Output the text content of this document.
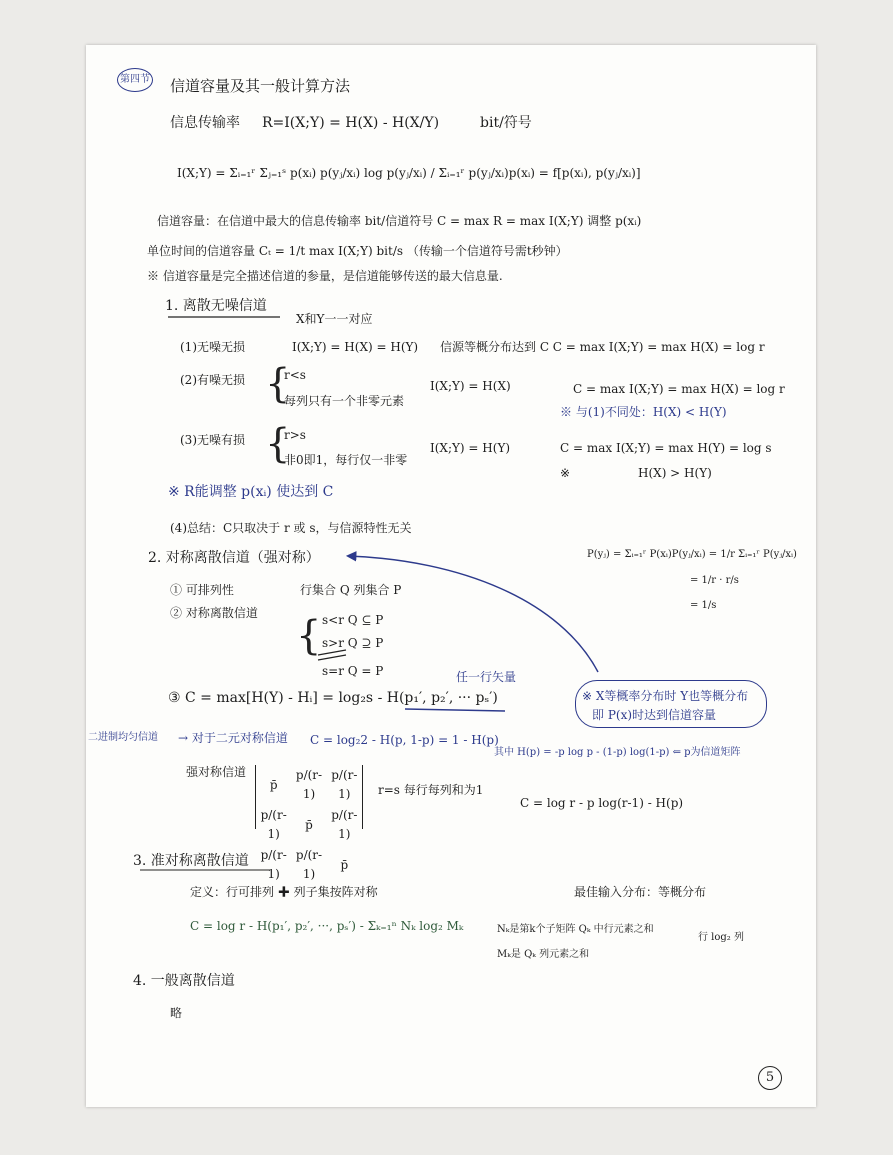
第四节 信道容量及其一般计算方法
信息传输率 R=I(X;Y) = H(X) - H(X/Y)	bit/符号
I(X;Y) = Σᵢ₌₁ʳ Σⱼ₌₁ˢ p(xᵢ) p(yⱼ/xᵢ) log p(yⱼ/xᵢ) / Σᵢ₌₁ʳ p(yⱼ/xᵢ)p(xᵢ) = f[p(xᵢ), p(yⱼ/xᵢ)]
信道容量：在信道中最大的信息传输率 bit/信道符号 C = max R = max I(X;Y) 调整 p(xᵢ)
单位时间的信道容量 Cₜ = 1/t max I(X;Y) bit/s （传输一个信道符号需t秒钟）
※ 信道容量是完全描述信道的参量，是信道能够传送的最大信息量.
1. 离散无噪信道
X和Y一一对应
(1)无噪无损	I(X;Y) = H(X) = H(Y) 信源等概分布达到 C C = max I(X;Y) = max H(X) = log r
(2)有噪无损 {
r<s
每列只有一个非零元素
I(X;Y) = H(X)	C = max I(X;Y) = max H(X) = log r
※ 与(1)不同处：H(X) < H(Y)
(3)无噪有损 {
r>s
非0即1，每行仅一非零
I(X;Y) = H(Y)	C = max I(X;Y) = max H(Y) = log s
※	H(X) > H(Y)
※ R能调整 p(xᵢ) 使达到 C
(4)总结：C只取决于 r 或 s，与信源特性无关
2. 对称离散信道（强对称）	P(yⱼ) = Σᵢ₌₁ʳ P(xᵢ)P(yⱼ/xᵢ) = 1/r Σᵢ₌₁ʳ P(yⱼ/xᵢ)
= 1/r · r/s
= 1/s
① 可排列性	行集合 Q 列集合 P
② 对称离散信道 { s<r Q ⊆ P
s>r Q ⊇ P
s=r Q = P	任一行矢量
③ C = max[H(Y) - Hᵢ] = log₂s - H(p₁′, p₂′, ··· pₛ′)	※ X等概率分布时 Y也等概分布
即 P(x)时达到信道容量
二进制均匀信道 → 对于二元对称信道 C = log₂2 - H(p, 1-p) = 1 - H(p)
其中 H(p) = -p log p - (1-p) log(1-p) ⇐ p为信道矩阵
强对称信道
p̄	p/(r-1)	p/(r-1)
p/(r-1)	p̄	p/(r-1)
p/(r-1)	p/(r-1)	p̄
r=s 每行每列和为1
C = log r - p log(r-1) - H(p)
3. 准对称离散信道
定义：行可排列 ✚ 列子集按阵对称	最佳输入分布：等概分布
C = log r - H(p₁′, p₂′, ···, pₛ′) - Σₖ₌₁ⁿ Nₖ log₂ Mₖ	Nₖ是第k个子矩阵 Qₖ 中行元素之和
Mₖ是 Qₖ 列元素之和
行 log₂ 列
4. 一般离散信道
略
5
